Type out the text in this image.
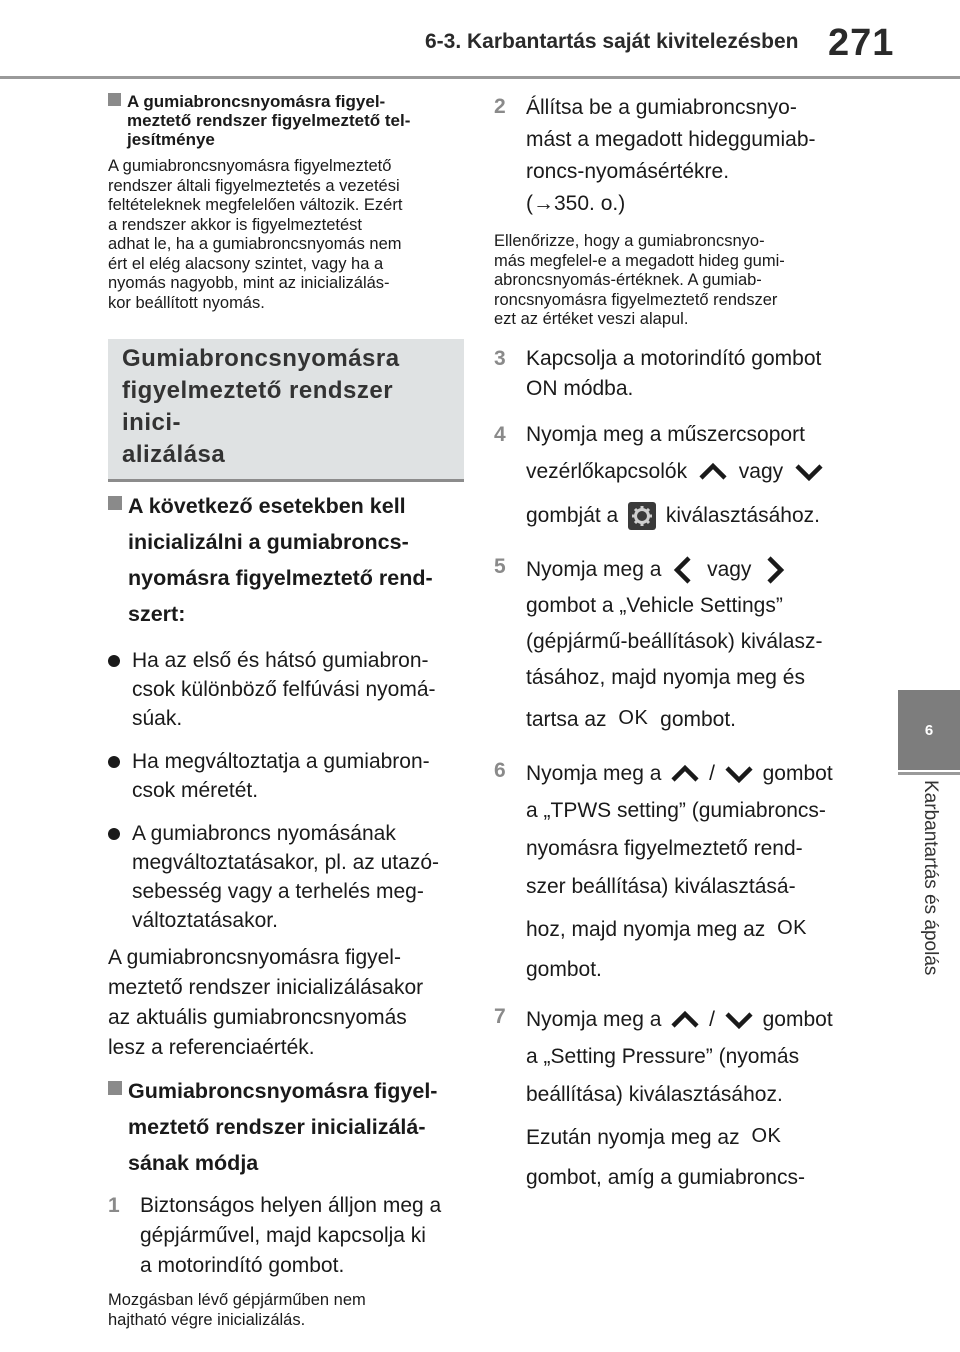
6-3. Karbantartás saját kivitelezésben 271
6
Karbantartás és ápolás

A gumiabroncsnyomásra figyel-

meztető rendszer figyelmeztető tel-

jesítménye

A gumiabroncsnyomásra figyelmeztető

rendszer általi figyelmeztetés a vezetési

feltételeknek megfelelően változik. Ezért

a rendszer akkor is figyelmeztetést

adhat le, ha a gumiabroncsnyomás nem

ért el elég alacsony szintet, vagy ha a

nyomás nagyobb, mint az inicializálás-

kor beállított nyomás.

Gumiabroncsnyomásra

figyelmeztető rendszer inici-

alizálása

A következő esetekben kell

inicializálni a gumiabroncs-

nyomásra figyelmeztető rend-

szert:

Ha az első és hátsó gumiabron-

csok különböző felfúvási nyomá-

súak.

Ha megváltoztatja a gumiabron-

csok méretét.

A gumiabroncs nyomásának

megváltoztatásakor, pl. az utazó-

sebesség vagy a terhelés meg-

változtatásakor.

A gumiabroncsnyomásra figyel-

meztető rendszer inicializálásakor

az aktuális gumiabroncsnyomás

lesz a referenciaérték.

Gumiabroncsnyomásra figyel-

meztető rendszer inicializálá-

sának módja

1 Biztonságos helyen álljon meg a

gépjárművel, majd kapcsolja ki

a motorindító gombot.

Mozgásban lévő gépjárműben nem

hajtható végre inicializálás.

2 Állítsa be a gumiabroncsnyo-

mást a megadott hideggumiab-

roncs-nyomásértékre.

(→350. o.)

Ellenőrizze, hogy a gumiabroncsnyo-

más megfelel-e a megadott hideg gumi-

abroncsnyomás-értéknek. A gumiab-

roncsnyomásra figyelmeztető rendszer

ezt az értéket veszi alapul.

3 Kapcsolja a motorindító gombot

ON módba.

4 Nyomja meg a műszercsoport

vezérlőkapcsolók vagy

gombját a kiválasztásához.

5 Nyomja meg a vagy

gombot a „Vehicle Settings”

(gépjármű-beállítások) kiválasz-

tásához, majd nyomja meg és

tartsa az OK gombot.

6 Nyomja meg a / gombot

a „TPWS setting” (gumiabroncs-

nyomásra figyelmeztető rend-

szer beállítása) kiválasztásá-

hoz, majd nyomja meg az OK

gombot.

7 Nyomja meg a / gombot

a „Setting Pressure” (nyomás

beállítása) kiválasztásához.

Ezután nyomja meg az OK

gombot, amíg a gumiabroncs-
